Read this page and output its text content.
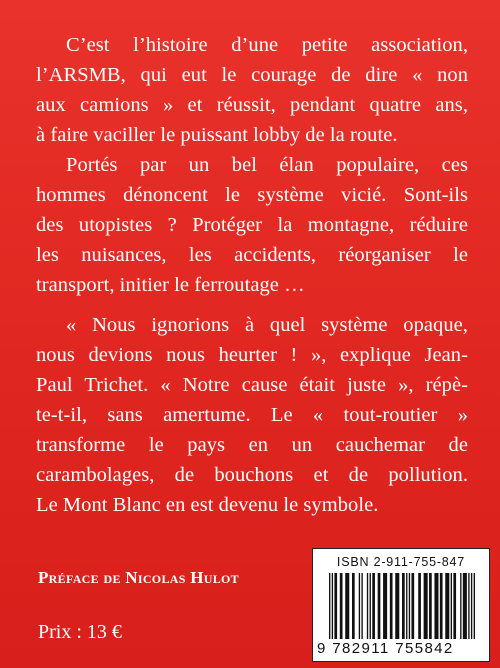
C’est l’histoire d’une petite association,
l’ARSMB, qui eut le courage de dire « non
aux camions » et réussit, pendant quatre ans,
à faire vaciller le puissant lobby de la route.
Portés par un bel élan populaire, ces
hommes dénoncent le système vicié. Sont-ils
des utopistes ? Protéger la montagne, réduire
les nuisances, les accidents, réorganiser le
transport, initier le ferroutage …
« Nous ignorions à quel système opaque,
nous devions nous heurter ! », explique Jean-
Paul Trichet. « Notre cause était juste », répè-
te-t-il, sans amertume. Le « tout-routier »
transforme le pays en un cauchemar de
carambolages, de bouchons et de pollution.
Le Mont Blanc en est devenu le symbole.

Préface de Nicolas Hulot

Prix : 13 €

ISBN 2-911-755-847
9 782911 755842
